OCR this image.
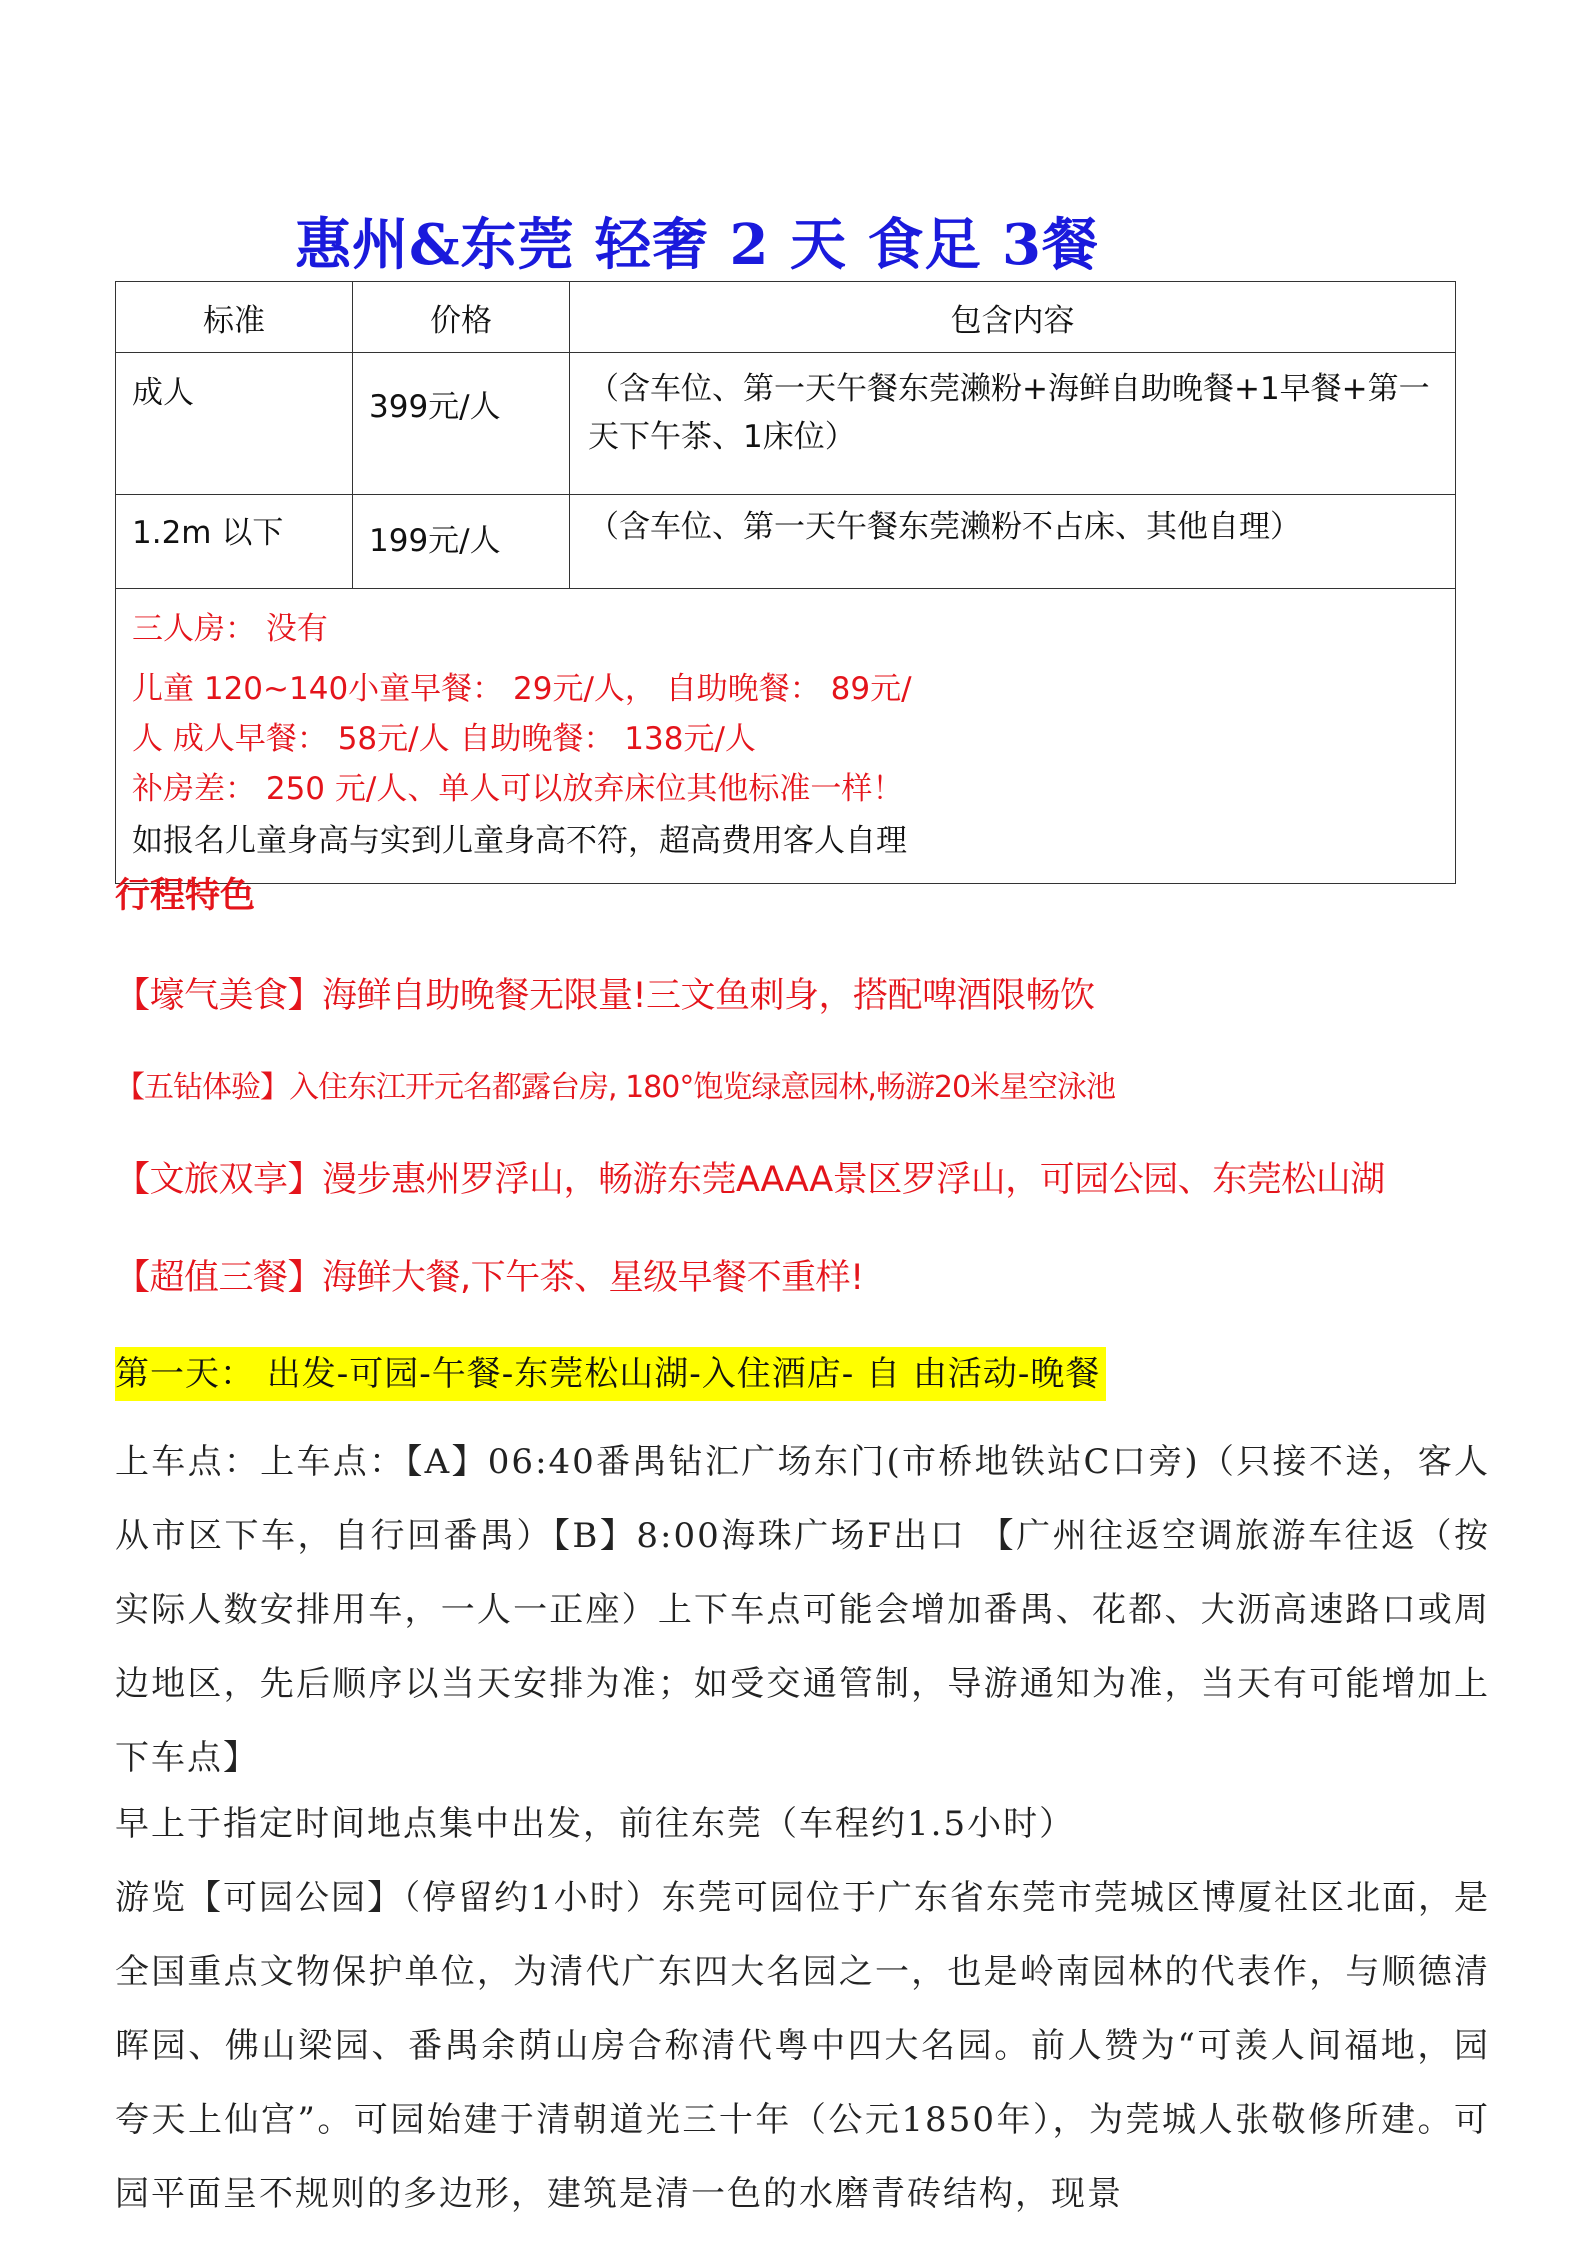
惠州&东莞 轻奢 2 天 食足 3餐
标准	价格	包含内容
成人	399元/人	（含车位、第一天午餐东莞濑粉+海鲜自助晚餐+1早餐+第一天下午茶、1床位）
1.2m 以下	199元/人	（含车位、第一天午餐东莞濑粉不占床、其他自理）

三人房： 没有
儿童 120~140小童早餐： 29元/人， 自助晚餐： 89元/
人 成人早餐： 58元/人 自助晚餐： 138元/人
补房差： 250 元/人、单人可以放弃床位其他标准一样！
如报名儿童身高与实到儿童身高不符，超高费用客人自理		
行程特色
【壕气美食】海鲜自助晚餐无限量!三文鱼刺身，搭配啤酒限畅饮
【五钻体验】入住东江开元名都露台房, 180°饱览绿意园林,畅游20米星空泳池
【文旅双享】漫步惠州罗浮山，畅游东莞AAAA景区罗浮山，可园公园、东莞松山湖
【超值三餐】海鲜大餐,下午茶、星级早餐不重样!
第一天： 出发-可园-午餐-东莞松山湖-入住酒店- 自 由活动-晚餐

上车点：上车点：【A】06:40番禺钻汇广场东门(市桥地铁站C口旁)（只接不送，客人从市区下车，自行回番禺）【B】8:00海珠广场F出口 【广州往返空调旅游车往返（按实际人数安排用车，一人一正座）上下车点可能会增加番禺、花都、大沥高速路口或周边地区，先后顺序以当天安排为准；如受交通管制，导游通知为准，当天有可能增加上下车点】

早上于指定时间地点集中出发，前往东莞（车程约1.5小时）

游览【可园公园】（停留约1小时）东莞可园位于广东省东莞市莞城区博厦社区北面，是全国重点文物保护单位，为清代广东四大名园之一，也是岭南园林的代表作，与顺德清晖园、佛山梁园、番禺余荫山房合称清代粤中四大名园。前人赞为“可羡人间福地，园夸天上仙宫”。可园始建于清朝道光三十年（公元1850年），为莞城人张敬修所建。可园平面呈不规则的多边形，建筑是清一色的水磨青砖结构，现景
